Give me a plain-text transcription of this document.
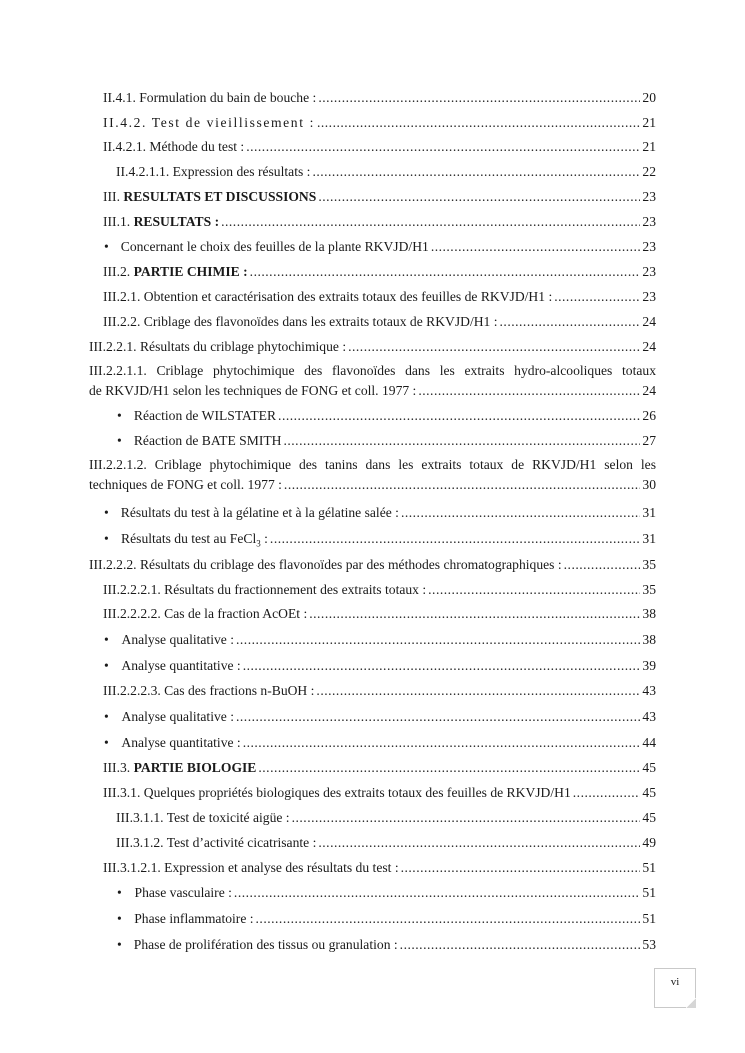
II.4.1. Formulation du bain de bouche : .....	20
II.4.2. Test de vieillissement : .....	21
II.4.2.1. Méthode du test : .....	21
II.4.2.1.1. Expression des résultats : .....	22
III. RESULTATS ET DISCUSSIONS .....	23
III.1. RESULTATS : .....	23
• Concernant le choix des feuilles de la plante RKVJD/H1 .....	23
III.2. PARTIE CHIMIE : .....	23
III.2.1. Obtention et caractérisation des extraits totaux des feuilles de RKVJD/H1 : .....	23
III.2.2. Criblage des flavonoïdes dans les extraits totaux de RKVJD/H1 : .....	24
III.2.2.1. Résultats du criblage phytochimique : .....	24
III.2.2.1.1. Criblage phytochimique des flavonoïdes dans les extraits hydro-alcooliques totaux
de RKVJD/H1 selon les techniques de FONG et coll. 1977 : .....	24
• Réaction de WILSTATER .....	26
• Réaction de BATE SMITH .....	27
III.2.2.1.2. Criblage phytochimique des tanins dans les extraits totaux de RKVJD/H1 selon les
techniques de FONG et coll. 1977 : .....	30
• Résultats du test à la gélatine et à la gélatine salée : .....	31
• Résultats du test au FeCl$_3$ : .....	31
III.2.2.2. Résultats du criblage des flavonoïdes par des méthodes chromatographiques : .....	35
III.2.2.2.1. Résultats du fractionnement des extraits totaux : .....	35
III.2.2.2.2. Cas de la fraction AcOEt : .....	38
• Analyse qualitative : .....	38
• Analyse quantitative : .....	39
III.2.2.2.3. Cas des fractions n-BuOH : .....	43
• Analyse qualitative : .....	43
• Analyse quantitative : .....	44
III.3. PARTIE BIOLOGIE .....	45
III.3.1. Quelques propriétés biologiques des extraits totaux des feuilles de RKVJD/H1 .....	45
III.3.1.1. Test de toxicité aigüe : .....	45
III.3.1.2. Test d’activité cicatrisante : .....	49
III.3.1.2.1. Expression et analyse des résultats du test : .....	51
• Phase vasculaire : .....	51
• Phase inflammatoire : .....	51
• Phase de prolifération des tissus ou granulation : .....	53
vi
